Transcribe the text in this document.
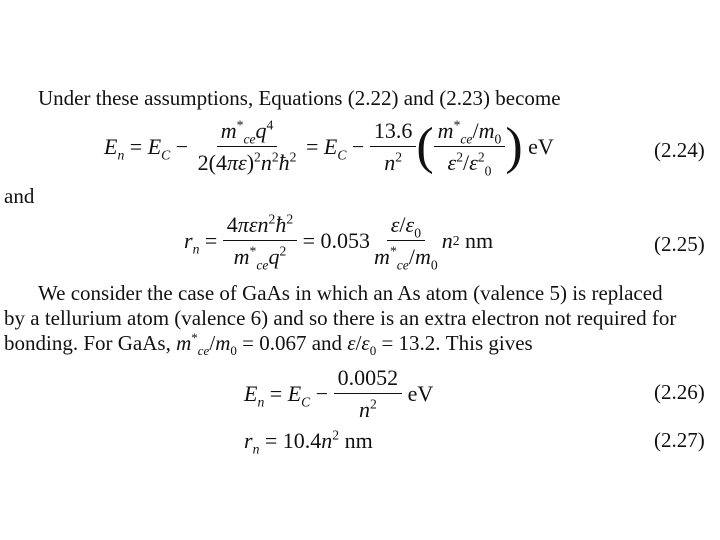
Under these assumptions, Equations (2.22) and (2.23) become
$E_n = E_C - \frac{m^*_{ce}q^4}{2(4\pi\varepsilon)^2n^2ħ^2} = E_C - \frac{13.6}{n^2}$ ( $\frac{m^*_{ce}/m_0}{\varepsilon^2/\varepsilon^2_0}$ )
eV	(2.24)
and
$r_n = \frac{4\pi\varepsilon n^2ħ^2}{m^*_{ce}q^2} = 0.053 \frac{\varepsilon/\varepsilon_0}{m^*_{ce}/m_0}$ n 2
nm	(2.25)
We consider the case of GaAs in which an As atom (valence 5) is replaced
by a tellurium atom (valence 6) and so there is an extra electron not required for
bonding. For GaAs, $m^*_{ce}/m_0 = 0.067$ and $\varepsilon/\varepsilon_0 = 13.2$. This gives
$E_n = E_C - \frac{0.0052}{n^2}$
eV	(2.26)
$r_n = 10.4n^2$ nm	(2.27)
